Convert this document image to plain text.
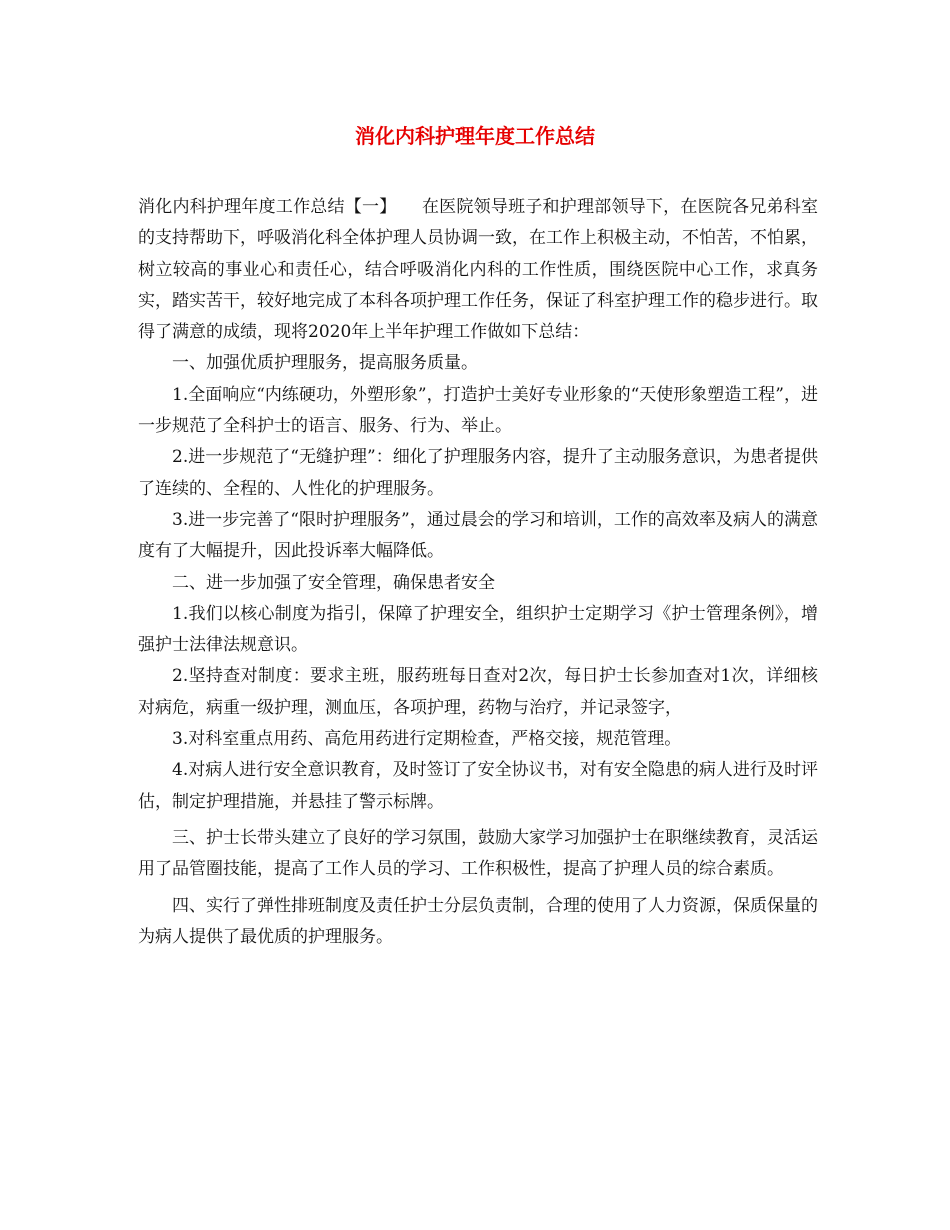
消化内科护理年度工作总结

消化内科护理年度工作总结【一】 在医院领导班子和护理部领导下，在医院各兄弟科室的支持帮助下，呼吸消化科全体护理人员协调一致，在工作上积极主动，不怕苦，不怕累，树立较高的事业心和责任心，结合呼吸消化内科的工作性质，围绕医院中心工作，求真务实，踏实苦干，较好地完成了本科各项护理工作任务，保证了科室护理工作的稳步进行。取得了满意的成绩，现将2020年上半年护理工作做如下总结：

一、加强优质护理服务，提高服务质量。

1.全面响应“内练硬功，外塑形象”，打造护士美好专业形象的“天使形象塑造工程”，进一步规范了全科护士的语言、服务、行为、举止。

2.进一步规范了“无缝护理”：细化了护理服务内容，提升了主动服务意识，为患者提供了连续的、全程的、人性化的护理服务。

3.进一步完善了“限时护理服务”，通过晨会的学习和培训，工作的高效率及病人的满意度有了大幅提升，因此投诉率大幅降低。

二、进一步加强了安全管理，确保患者安全

1.我们以核心制度为指引，保障了护理安全，组织护士定期学习《护士管理条例》，增强护士法律法规意识。

2.坚持查对制度：要求主班，服药班每日查对2次，每日护士长参加查对1次，详细核对病危，病重一级护理，测血压，各项护理，药物与治疗，并记录签字，

3.对科室重点用药、高危用药进行定期检查，严格交接，规范管理。

4.对病人进行安全意识教育，及时签订了安全协议书，对有安全隐患的病人进行及时评估，制定护理措施，并悬挂了警示标牌。

三、护士长带头建立了良好的学习氛围，鼓励大家学习加强护士在职继续教育，灵活运用了品管圈技能，提高了工作人员的学习、工作积极性，提高了护理人员的综合素质。

四、实行了弹性排班制度及责任护士分层负责制，合理的使用了人力资源，保质保量的为病人提供了最优质的护理服务。
